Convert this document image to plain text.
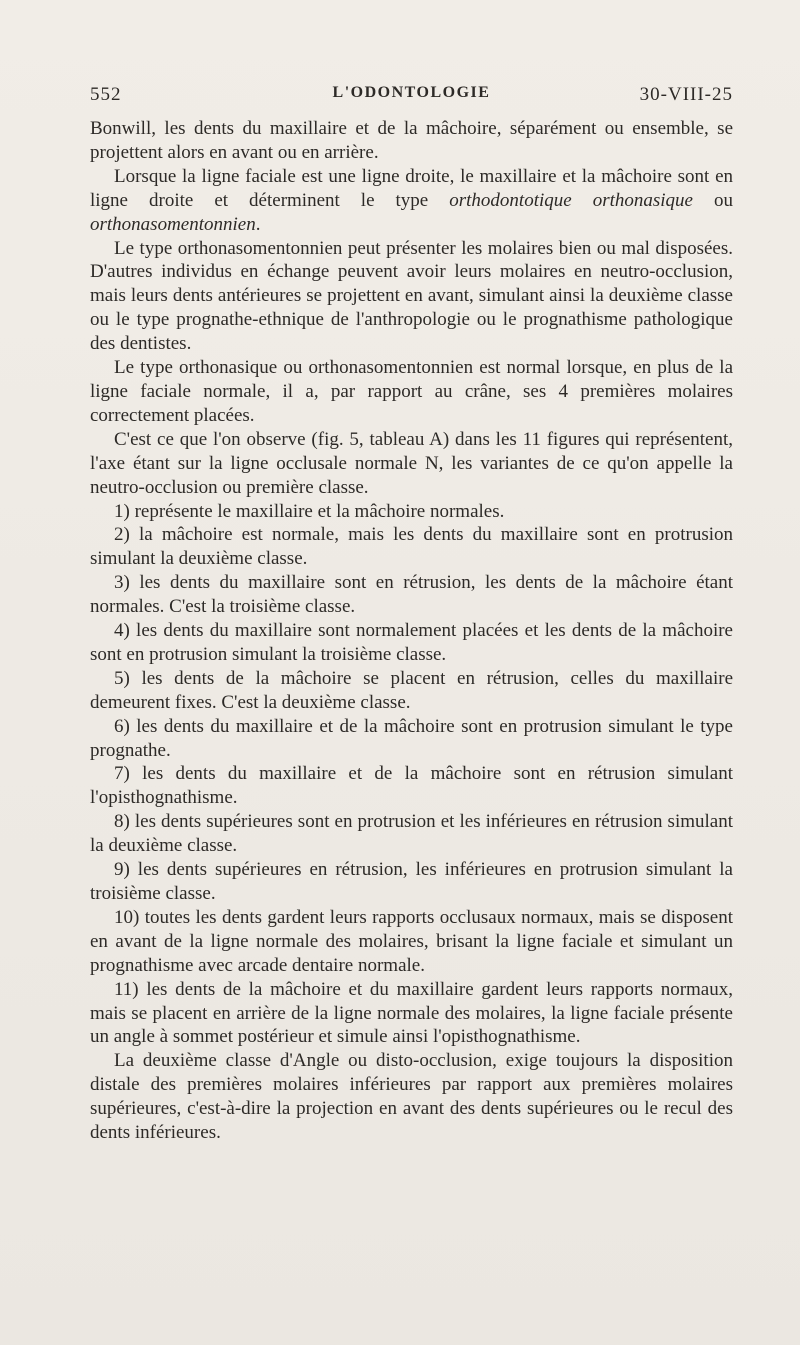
552	L'ODONTOLOGIE	30-VIII-25

Bonwill, les dents du maxillaire et de la mâchoire, séparément ou ensemble, se projettent alors en avant ou en arrière.

Lorsque la ligne faciale est une ligne droite, le maxillaire et la mâchoire sont en ligne droite et déterminent le type orthodontotique orthonasique ou orthonasomentonnien.

Le type orthonasomentonnien peut présenter les molaires bien ou mal disposées. D'autres individus en échange peuvent avoir leurs molaires en neutro-occlusion, mais leurs dents antérieures se projettent en avant, simulant ainsi la deuxième classe ou le type prognathe-ethnique de l'anthropologie ou le prognathisme pathologique des dentistes.

Le type orthonasique ou orthonasomentonnien est normal lorsque, en plus de la ligne faciale normale, il a, par rapport au crâne, ses 4 premières molaires correctement placées.

C'est ce que l'on observe (fig. 5, tableau A) dans les 11 figures qui représentent, l'axe étant sur la ligne occlusale normale N, les variantes de ce qu'on appelle la neutro-occlusion ou première classe.

1) représente le maxillaire et la mâchoire normales.

2) la mâchoire est normale, mais les dents du maxillaire sont en protrusion simulant la deuxième classe.

3) les dents du maxillaire sont en rétrusion, les dents de la mâchoire étant normales. C'est la troisième classe.

4) les dents du maxillaire sont normalement placées et les dents de la mâchoire sont en protrusion simulant la troisième classe.

5) les dents de la mâchoire se placent en rétrusion, celles du maxillaire demeurent fixes. C'est la deuxième classe.

6) les dents du maxillaire et de la mâchoire sont en protrusion simulant le type prognathe.

7) les dents du maxillaire et de la mâchoire sont en rétrusion simulant l'opisthognathisme.

8) les dents supérieures sont en protrusion et les inférieures en rétrusion simulant la deuxième classe.

9) les dents supérieures en rétrusion, les inférieures en protrusion simulant la troisième classe.

10) toutes les dents gardent leurs rapports occlusaux normaux, mais se disposent en avant de la ligne normale des molaires, brisant la ligne faciale et simulant un prognathisme avec arcade dentaire normale.

11) les dents de la mâchoire et du maxillaire gardent leurs rapports normaux, mais se placent en arrière de la ligne normale des molaires, la ligne faciale présente un angle à sommet postérieur et simule ainsi l'opisthognathisme.

La deuxième classe d'Angle ou disto-occlusion, exige toujours la disposition distale des premières molaires inférieures par rapport aux premières molaires supérieures, c'est-à-dire la projection en avant des dents supérieures ou le recul des dents inférieures.
